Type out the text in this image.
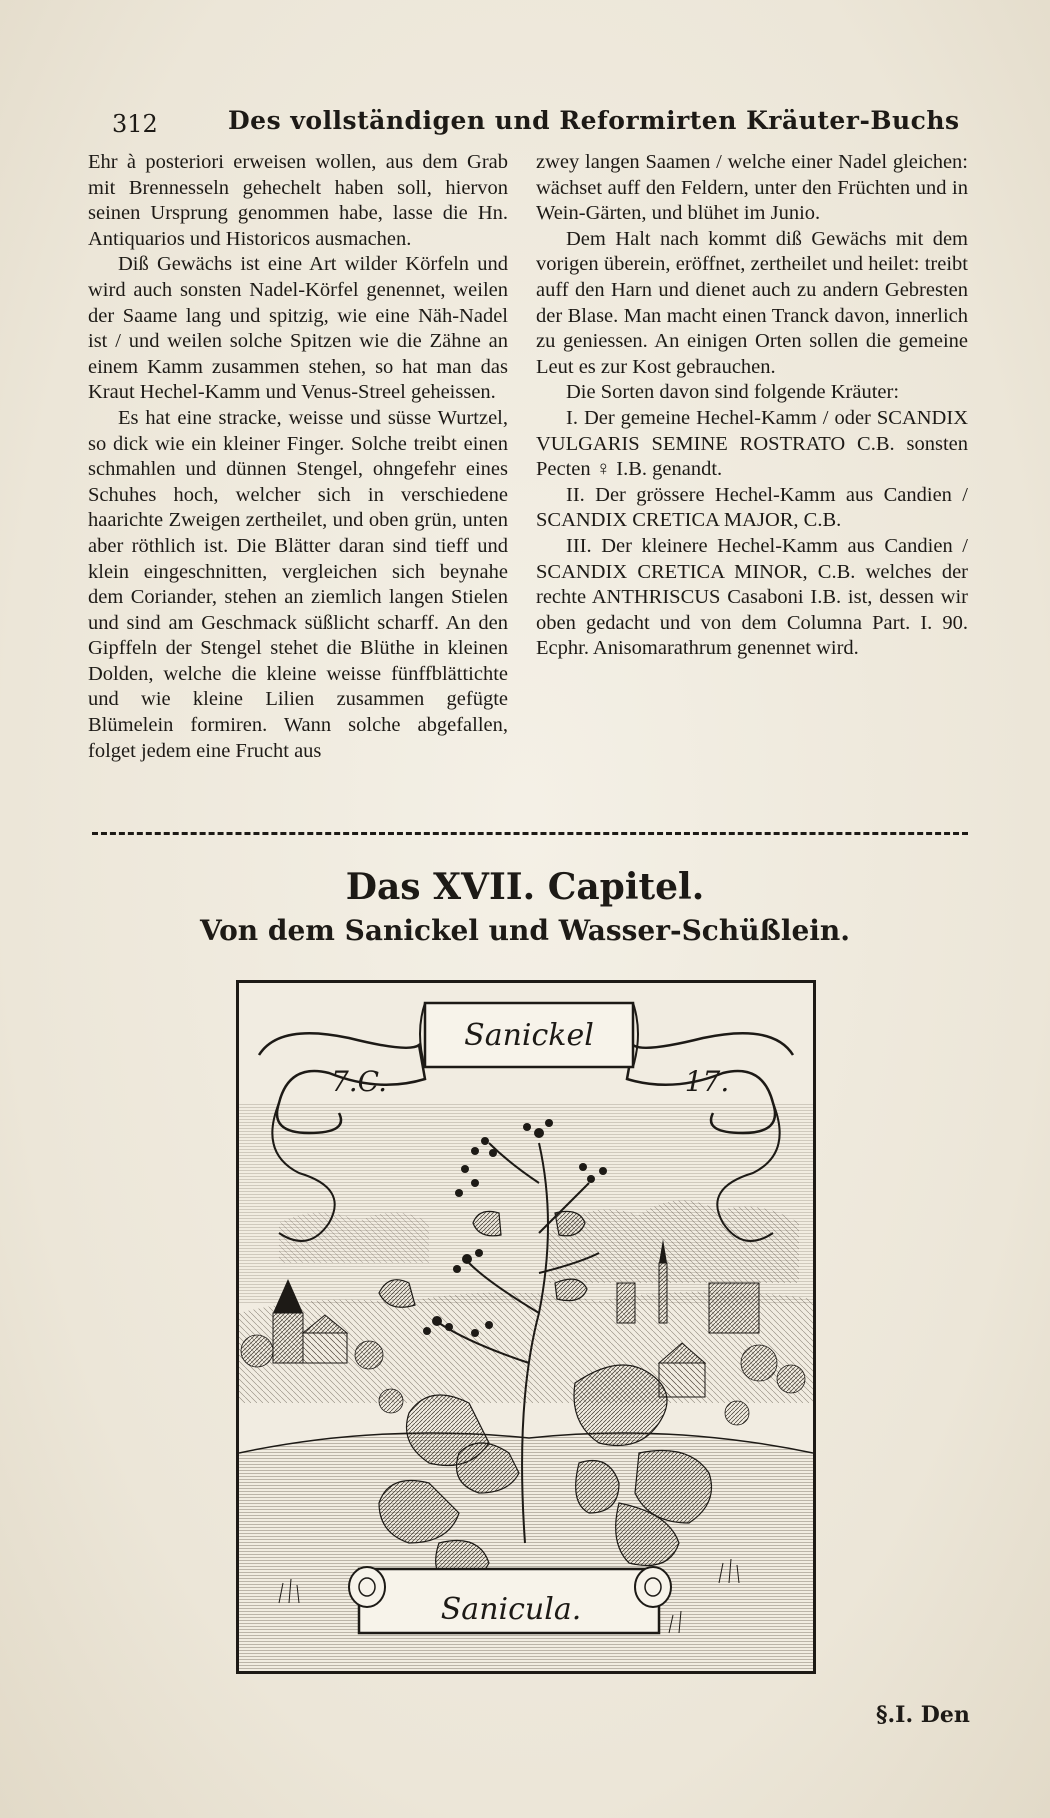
312	Des vollständigen und Reformirten Kräuter-Buchs

Ehr à posteriori erweisen wollen, aus dem Grab mit Brennesseln gehechelt haben soll, hiervon seinen Ursprung genommen habe, lasse die Hn. Antiquarios und Historicos ausmachen.

Diß Gewächs ist eine Art wilder Körfeln und wird auch sonsten Nadel-Körfel genennet, weilen der Saame lang und spitzig, wie eine Näh-Nadel ist / und weilen solche Spitzen wie die Zähne an einem Kamm zusammen stehen, so hat man das Kraut Hechel-Kamm und Venus-Streel geheissen.

Es hat eine stracke, weisse und süsse Wurtzel, so dick wie ein kleiner Finger. Solche treibt einen schmahlen und dünnen Stengel, ohngefehr eines Schuhes hoch, welcher sich in verschiedene haarichte Zweigen zertheilet, und oben grün, unten aber röthlich ist. Die Blätter daran sind tieff und klein eingeschnitten, vergleichen sich beynahe dem Coriander, stehen an ziemlich langen Stielen und sind am Geschmack süßlicht scharff. An den Gipffeln der Stengel stehet die Blüthe in kleinen Dolden, welche die kleine weisse fünffblättichte und wie kleine Lilien zusammen gefügte Blümelein formiren. Wann solche abgefallen, folget jedem eine Frucht aus

zwey langen Saamen / welche einer Nadel gleichen: wächset auff den Feldern, unter den Früchten und in Wein-Gärten, und blühet im Junio.

Dem Halt nach kommt diß Gewächs mit dem vorigen überein, eröffnet, zertheilet und heilet: treibt auff den Harn und dienet auch zu andern Gebresten der Blase. Man macht einen Tranck davon, innerlich zu geniessen. An einigen Orten sollen die gemeine Leut es zur Kost gebrauchen.

Die Sorten davon sind folgende Kräuter:

I. Der gemeine Hechel-Kamm / oder SCANDIX VULGARIS SEMINE ROSTRATO C.B. sonsten Pecten ♀ I.B. genandt.

II. Der grössere Hechel-Kamm aus Candien / SCANDIX CRETICA MAJOR, C.B.

III. Der kleinere Hechel-Kamm aus Candien / SCANDIX CRETICA MINOR, C.B. welches der rechte ANTHRISCUS Casaboni I.B. ist, dessen wir oben gedacht und von dem Columna Part. I. 90. Ecphr. Anisomarathrum genennet wird.

Das XVII. Capitel.
Von dem Sanickel und Wasser-Schüßlein.
Sanickel
7.C.	17.
Sanicula.
§.I. Den
